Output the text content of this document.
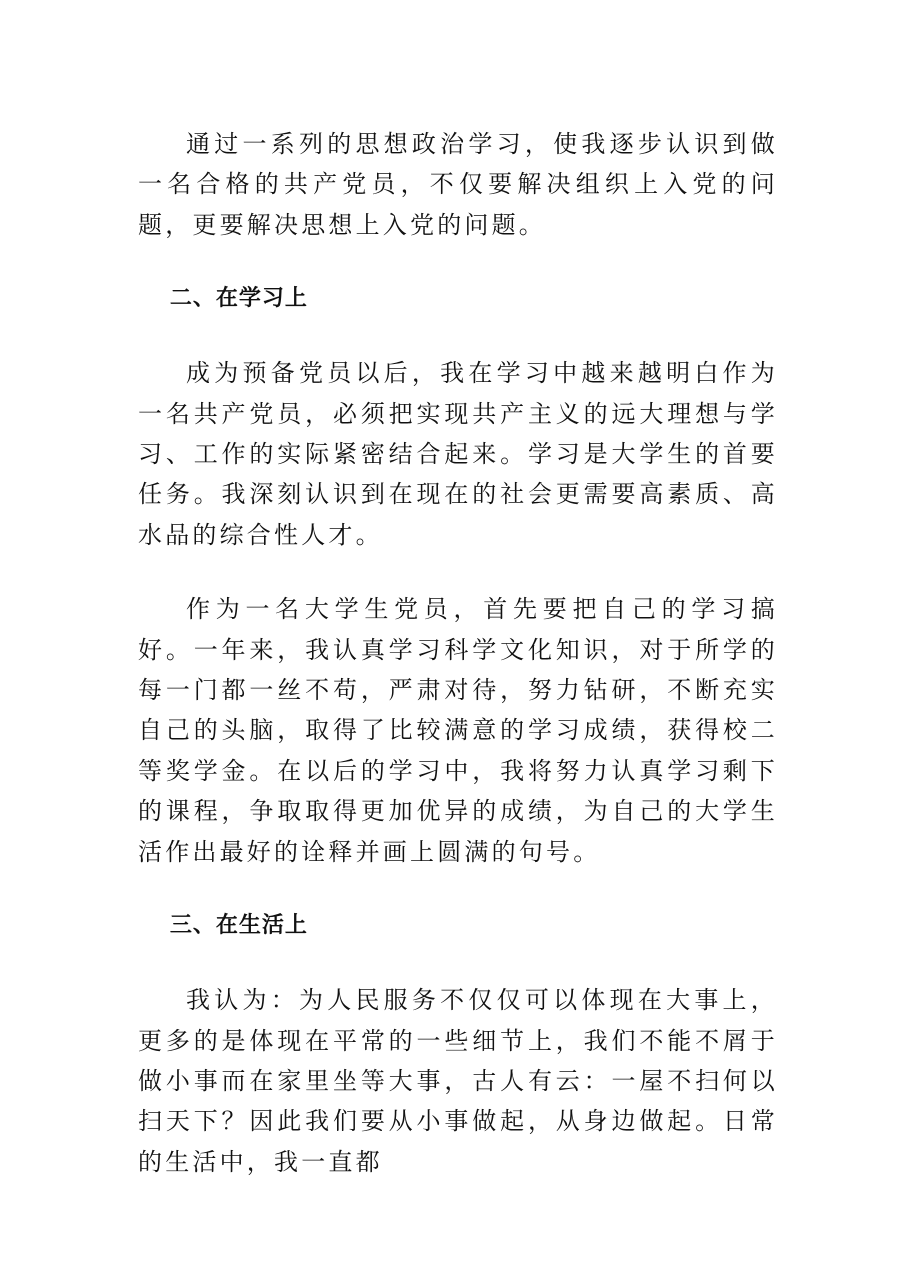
通过一系列的思想政治学习，使我逐步认识到做一名合格的共产党员，不仅要解决组织上入党的问题，更要解决思想上入党的问题。

二、在学习上

成为预备党员以后，我在学习中越来越明白作为一名共产党员，必须把实现共产主义的远大理想与学习、工作的实际紧密结合起来。学习是大学生的首要任务。我深刻认识到在现在的社会更需要高素质、高水品的综合性人才。

作为一名大学生党员，首先要把自己的学习搞好。一年来，我认真学习科学文化知识，对于所学的每一门都一丝不苟，严肃对待，努力钻研，不断充实自己的头脑，取得了比较满意的学习成绩，获得校二等奖学金。在以后的学习中，我将努力认真学习剩下的课程，争取取得更加优异的成绩，为自己的大学生活作出最好的诠释并画上圆满的句号。

三、在生活上

我认为：为人民服务不仅仅可以体现在大事上，更多的是体现在平常的一些细节上，我们不能不屑于做小事而在家里坐等大事，古人有云：一屋不扫何以扫天下？因此我们要从小事做起，从身边做起。日常的生活中，我一直都
